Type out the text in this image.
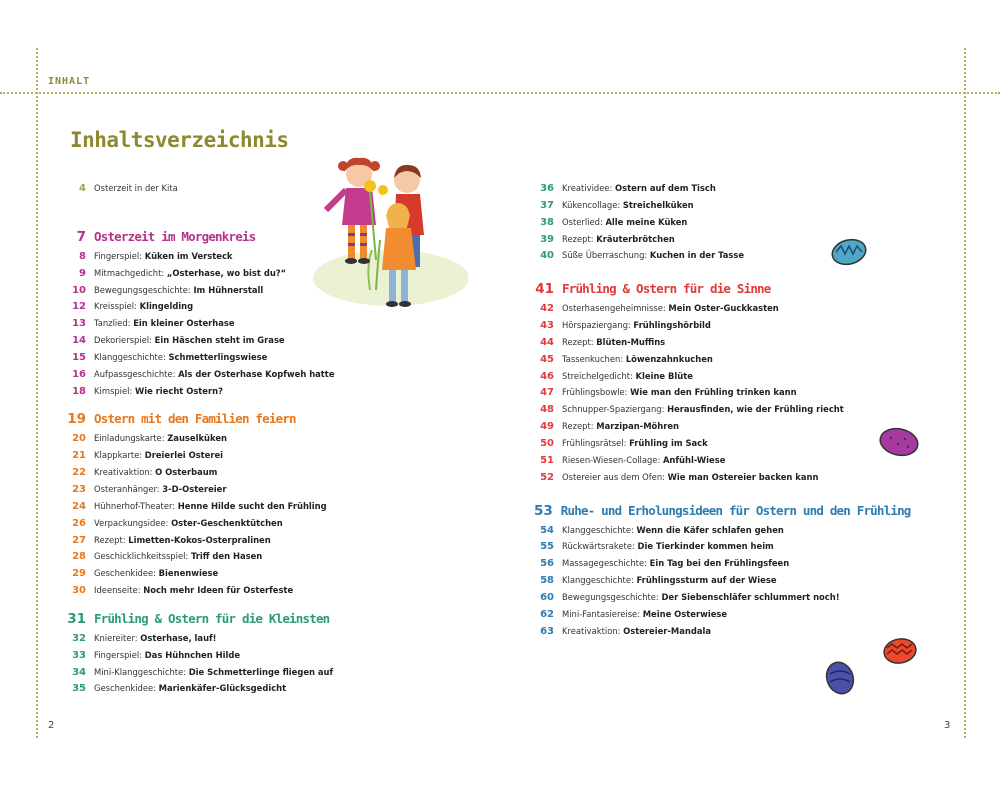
INHALT
Inhaltsverzeichnis
4 Osterzeit in der Kita
7 Osterzeit im Morgenkreis
8 Fingerspiel:
Küken im Versteck
9 Mitmachgedicht:
„Osterhase, wo bist du?“
10 Bewegungsgeschichte:
Im Hühnerstall
12 Kreisspiel:
Klingelding
13 Tanzlied:
Ein kleiner Osterhase
14 Dekorierspiel:
Ein Häschen steht im Grase
15 Klanggeschichte:
Schmetterlingswiese
16 Aufpassgeschichte:
Als der Osterhase Kopfweh hatte
18 Kimspiel:
Wie riecht Ostern?
19 Ostern mit den Familien feiern
20 Einladungskarte:
Zauselküken
21 Klappkarte:
Dreierlei Osterei
22 Kreativaktion:
O Osterbaum
23 Osteranhänger:
3-D-Ostereier
24 Hühnerhof-Theater:
Henne Hilde sucht den Frühling
26 Verpackungsidee:
Oster-Geschenktütchen
27 Rezept:
Limetten-Kokos-Osterpralinen
28 Geschicklichkeitsspiel:
Triff den Hasen
29 Geschenkidee:
Bienenwiese
30 Ideenseite:
Noch mehr Ideen für Osterfeste
31 Frühling & Ostern für die Kleinsten
32 Kniereiter:
Osterhase, lauf!
33 Fingerspiel:
Das Hühnchen Hilde
34 Mini-Klanggeschichte:
Die Schmetterlinge fliegen auf
35 Geschenkidee:
Marienkäfer-Glücksgedicht
36 Kreatividee:
Ostern auf dem Tisch
37 Kükencollage:
Streichelküken
38 Osterlied:
Alle meine Küken
39 Rezept:
Kräuterbrötchen
40 Süße Überraschung:
Kuchen in der Tasse
41 Frühling & Ostern für die Sinne
42 Osterhasengeheimnisse:
Mein Oster-Guckkasten
43 Hörspaziergang:
Frühlingshörbild
44 Rezept:
Blüten-Muffins
45 Tassenkuchen:
Löwenzahnkuchen
46 Streichelgedicht:
Kleine Blüte
47 Frühlingsbowle:
Wie man den Frühling trinken kann
48 Schnupper-Spaziergang:
Herausfinden, wie der Frühling riecht
49 Rezept:
Marzipan-Möhren
50 Frühlingsrätsel:
Frühling im Sack
51 Riesen-Wiesen-Collage:
Anfühl-Wiese
52 Ostereier aus dem Ofen:
Wie man Ostereier backen kann
53 Ruhe- und Erholungsideen für Ostern und den Frühling
54 Klanggeschichte:
Wenn die Käfer schlafen gehen
55 Rückwärtsrakete:
Die Tierkinder kommen heim
56 Massagegeschichte:
Ein Tag bei den Frühlingsfeen
58 Klanggeschichte:
Frühlingssturm auf der Wiese
60 Bewegungsgeschichte:
Der Siebenschläfer schlummert noch!
62 Mini-Fantasiereise:
Meine Osterwiese
63 Kreativaktion:
Ostereier-Mandala
2	3
